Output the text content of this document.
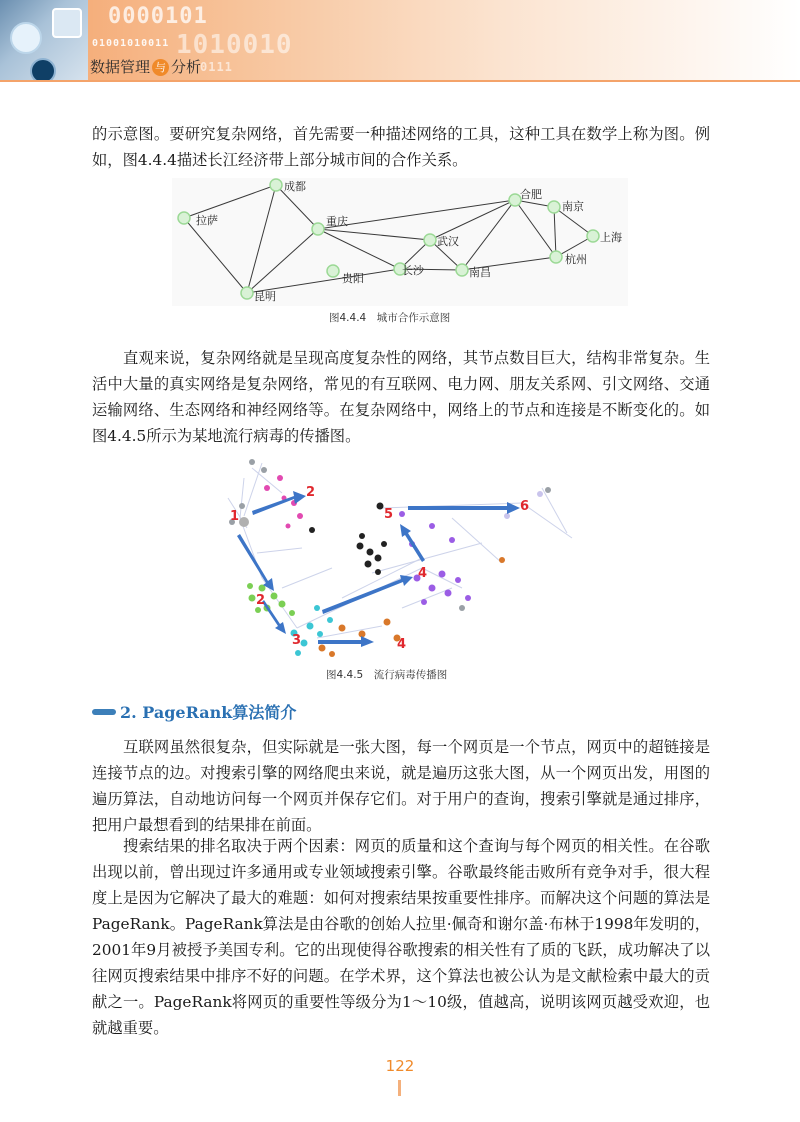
0000101
01001010011 1010010
0111
数据管理 与 分析

的示意图。要研究复杂网络，首先需要一种描述网络的工具，这种工具在数学上称为图。例如，图4.4.4描述长江经济带上部分城市间的合作关系。

拉萨
成都
重庆
昆明
贵阳
长沙
武汉
南昌
合肥
南京
杭州
上海
图4.4.4　城市合作示意图

直观来说，复杂网络就是呈现高度复杂性的网络，其节点数目巨大，结构非常复杂。生活中大量的真实网络是复杂网络，常见的有互联网、电力网、朋友关系网、引文网络、交通运输网络、生态网络和神经网络等。在复杂网络中，网络上的节点和连接是不断变化的。如图4.4.5所示为某地流行病毒的传播图。

1
2
2
3
4
4
5
6
图4.4.5　流行病毒传播图
2. PageRank算法简介

互联网虽然很复杂，但实际就是一张大图，每一个网页是一个节点，网页中的超链接是连接节点的边。对搜索引擎的网络爬虫来说，就是遍历这张大图，从一个网页出发，用图的遍历算法，自动地访问每一个网页并保存它们。对于用户的查询，搜索引擎就是通过排序，把用户最想看到的结果排在前面。

搜索结果的排名取决于两个因素：网页的质量和这个查询与每个网页的相关性。在谷歌出现以前，曾出现过许多通用或专业领域搜索引擎。谷歌最终能击败所有竞争对手，很大程度上是因为它解决了最大的难题：如何对搜索结果按重要性排序。而解决这个问题的算法是PageRank。PageRank算法是由谷歌的创始人拉里·佩奇和谢尔盖·布林于1998年发明的，2001年9月被授予美国专利。它的出现使得谷歌搜索的相关性有了质的飞跃，成功解决了以往网页搜索结果中排序不好的问题。在学术界，这个算法也被公认为是文献检索中最大的贡献之一。PageRank将网页的重要性等级分为1～10级，值越高，说明该网页越受欢迎，也就越重要。

122
